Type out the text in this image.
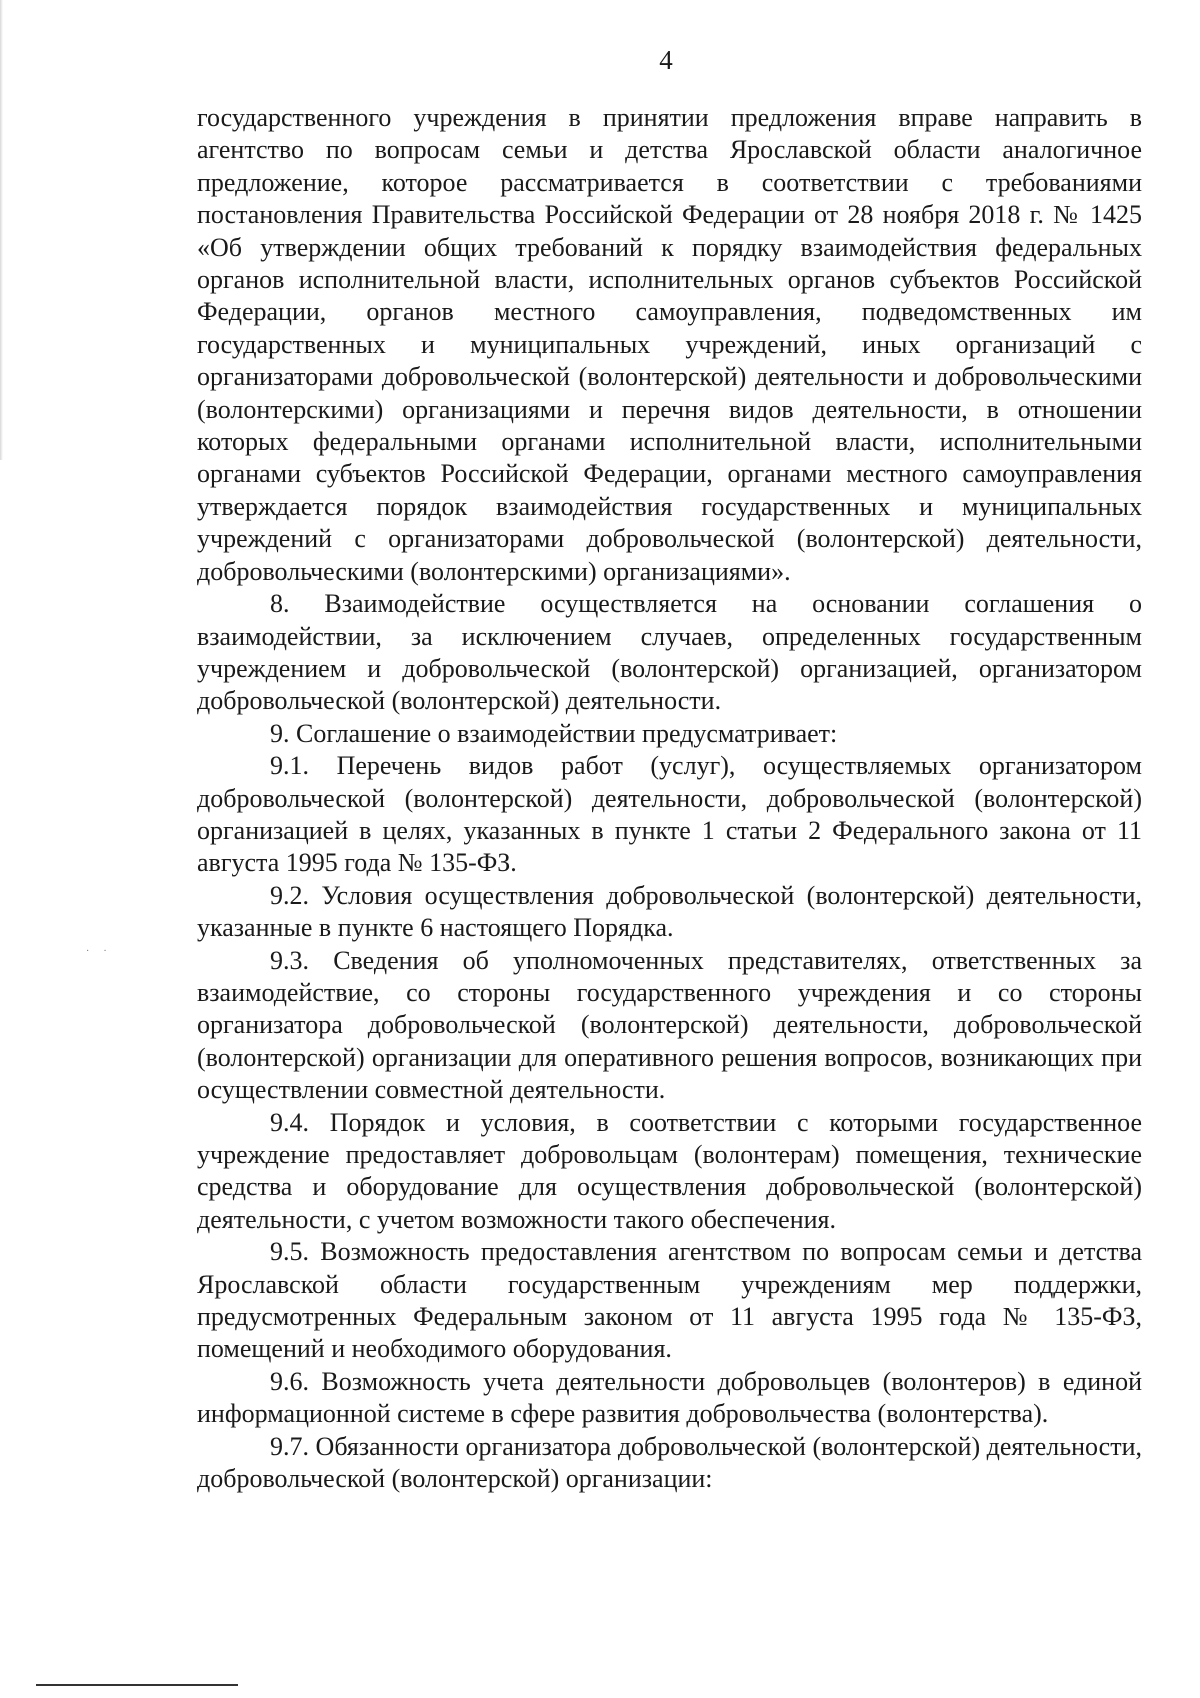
4

государственного учреждения в принятии предложения вправе направить в агентство по вопросам семьи и детства Ярославской области аналогичное предложение, которое рассматривается в соответствии с требованиями постановления Правительства Российской Федерации от 28 ноября 2018 г. № 1425 «Об утверждении общих требований к порядку взаимодействия федеральных органов исполнительной власти, исполнительных органов субъектов Российской Федерации, органов местного самоуправления, подведомственных им государственных и муниципальных учреждений, иных организаций с организаторами добровольческой (волонтерской) деятельности и добровольческими (волонтерскими) организациями и перечня видов деятельности, в отношении которых федеральными органами исполнительной власти, исполнительными органами субъектов Российской Федерации, органами местного самоуправления утверждается порядок взаимодействия государственных и муниципальных учреждений с организаторами добровольческой (волонтерской) деятельности, добровольческими (волонтерскими) организациями».

8. Взаимодействие осуществляется на основании соглашения о взаимодействии, за исключением случаев, определенных государственным учреждением и добровольческой (волонтерской) организацией, организатором добровольческой (волонтерской) деятельности.

9. Соглашение о взаимодействии предусматривает:

9.1. Перечень видов работ (услуг), осуществляемых организатором добровольческой (волонтерской) деятельности, добровольческой (волонтерской) организацией в целях, указанных в пункте 1 статьи 2 Федерального закона от 11 августа 1995 года № 135-ФЗ.

9.2. Условия осуществления добровольческой (волонтерской) деятельности, указанные в пункте 6 настоящего Порядка.

9.3. Сведения об уполномоченных представителях, ответственных за взаимодействие, со стороны государственного учреждения и со стороны организатора добровольческой (волонтерской) деятельности, добровольческой (волонтерской) организации для оперативного решения вопросов, возникающих при осуществлении совместной деятельности.

9.4. Порядок и условия, в соответствии с которыми государственное учреждение предоставляет добровольцам (волонтерам) помещения, технические средства и оборудование для осуществления добровольческой (волонтерской) деятельности, с учетом возможности такого обеспечения.

9.5. Возможность предоставления агентством по вопросам семьи и детства Ярославской области государственным учреждениям мер поддержки, предусмотренных Федеральным законом от 11 августа 1995 года № 135-ФЗ, помещений и необходимого оборудования.

9.6. Возможность учета деятельности добровольцев (волонтеров) в единой информационной системе в сфере развития добровольчества (волонтерства).

9.7. Обязанности организатора добровольческой (волонтерской) деятельности, добровольческой (волонтерской) организации:

· ·
